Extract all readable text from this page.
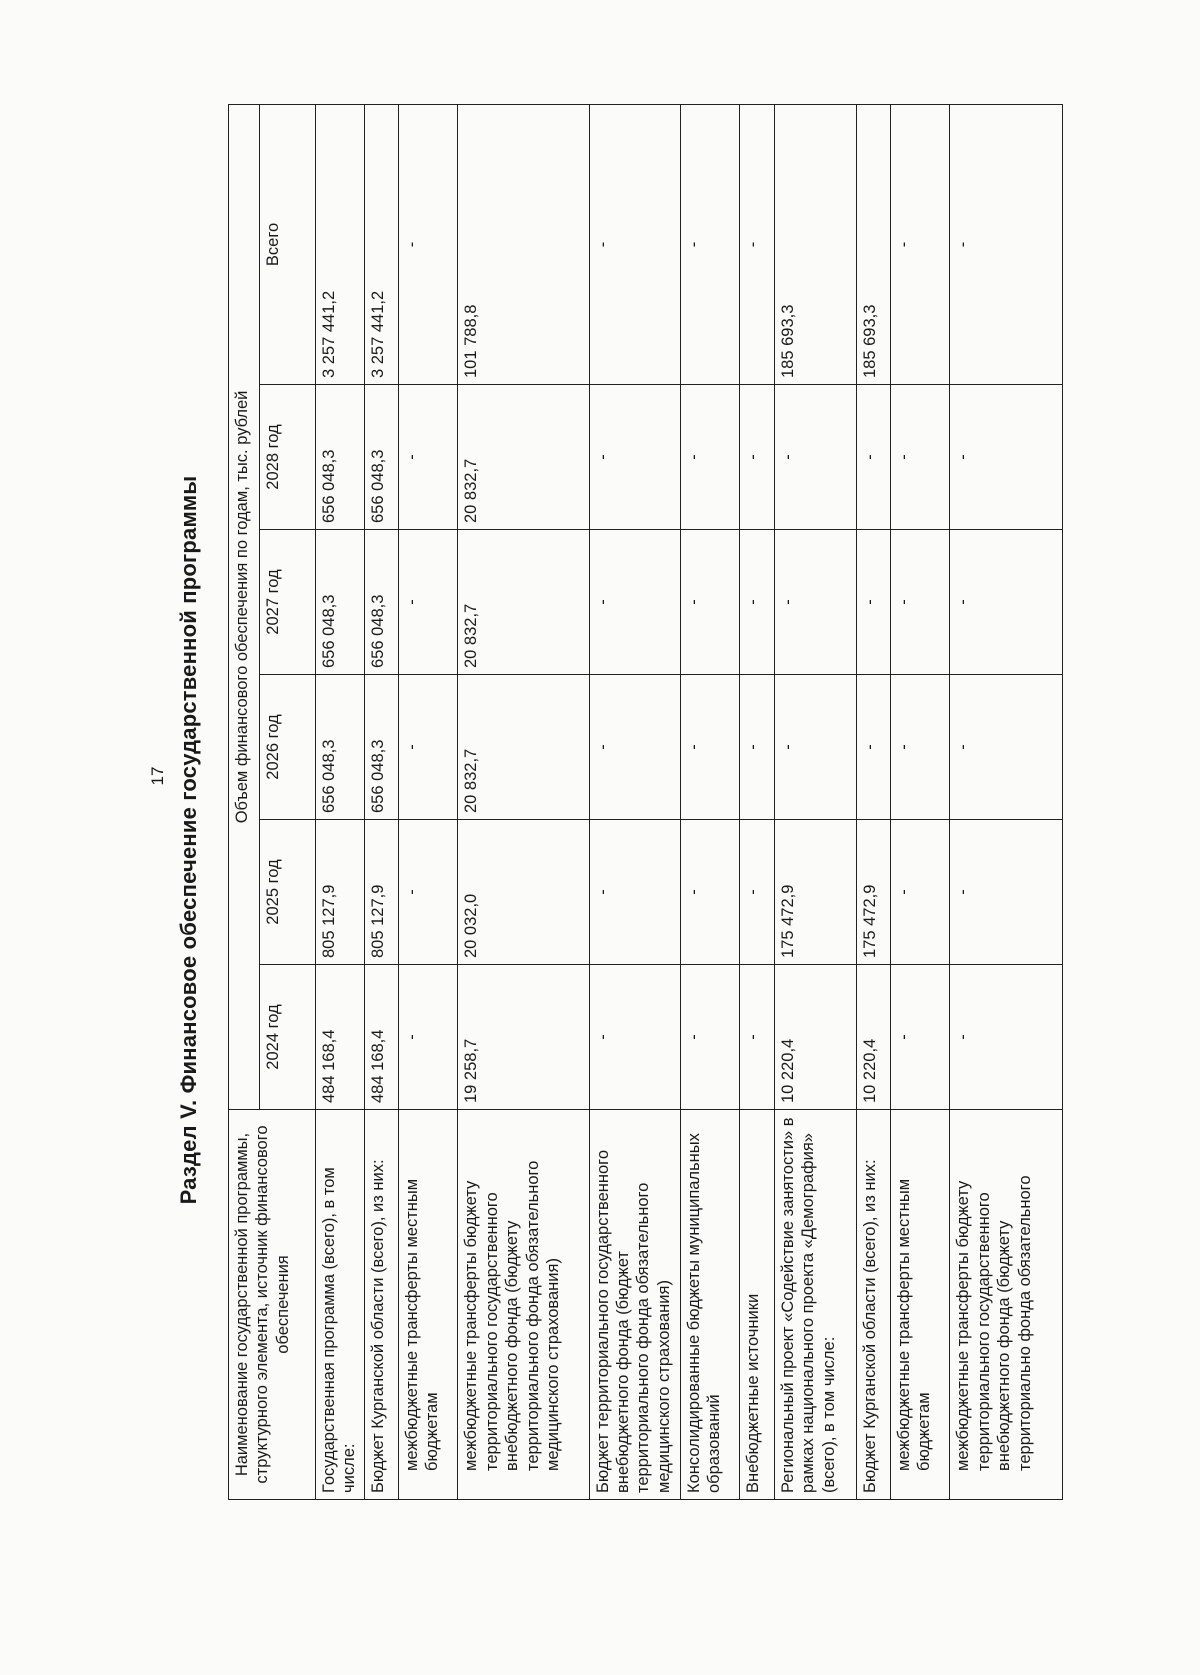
17 Раздел V. Финансовое обеспечение государственной программы
Наименование государственной программы, структурного элемента, источник финансового обеспечения	Объем финансового обеспечения по годам, тыс. рублей					
	2024 год	2025 год	2026 год	2027 год	2028 год	Всего
Государственная программа (всего), в том числе:	484 168,4	805 127,9	656 048,3	656 048,3	656 048,3	3 257 441,2
Бюджет Курганской области (всего), из них:	484 168,4	805 127,9	656 048,3	656 048,3	656 048,3	3 257 441,2
межбюджетные трансферты местным бюджетам	-	-	-	-	-	-
межбюджетные трансферты бюджету территориального государственного внебюджетного фонда (бюджету территориального фонда обязательного медицинского страхования)	19 258,7	20 032,0	20 832,7	20 832,7	20 832,7	101 788,8
Бюджет территориального государственного внебюджетного фонда (бюджет территориального фонда обязательного медицинского страхования)	-	-	-	-	-	-
Консолидированные бюджеты муниципальных образований	-	-	-	-	-	-
Внебюджетные источники	-	-	-	-	-	-
Региональный проект «Содействие занятости» в рамках национального проекта «Демография» (всего), в том числе:	10 220,4	175 472,9	-	-	-	185 693,3
Бюджет Курганской области (всего), из них:	10 220,4	175 472,9	-	-	-	185 693,3
межбюджетные трансферты местным бюджетам	-	-	-	-	-	-
межбюджетные трансферты бюджету территориального государственного внебюджетного фонда (бюджету территориально фонда обязательного	-	-	-	-	-	-
